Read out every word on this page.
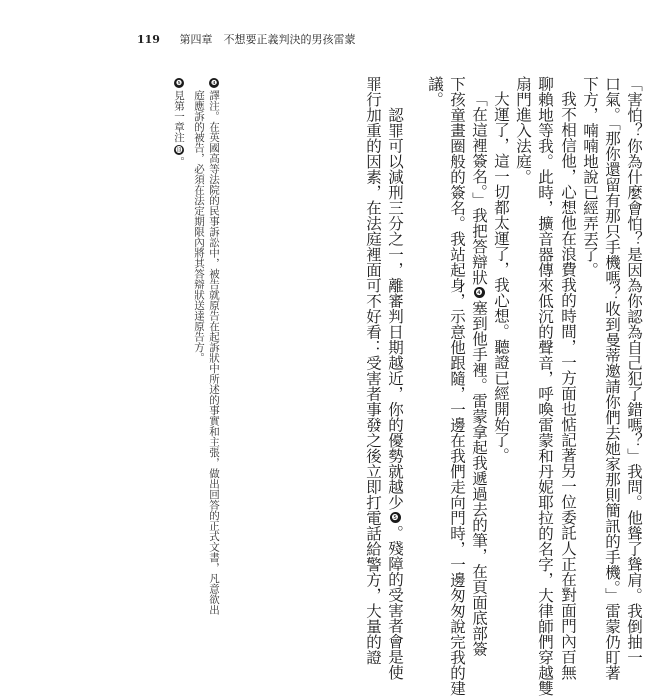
119 第四章　不想要正義判決的男孩雷蒙
「害怕？你為什麼會怕？是因為你認為自己犯了錯嗎？」我問。他聳了聳肩。我倒抽一
口氣。「那你還留有那只手機嗎？收到曼蒂邀請你們去她家那則簡訊的手機。」雷蒙仍盯著
下方，喃喃地說已經弄丟了。
我不相信他，心想他在浪費我的時間，一方面也惦記著另一位委託人正在對面門內百無
聊賴地等我。此時，擴音器傳來低沉的聲音，呼喚雷蒙和丹妮耶拉的名字，大律師們穿越雙
扇門進入法庭。
大運了，這一切都太運了，我心想。聽證已經開始了。
「在這裡簽名。」我把答辯狀❹塞到他手裡。雷蒙拿起我遞過去的筆，在頁面底部簽
下孩童畫圈般的簽名。我站起身，示意他跟隨，一邊在我們走向門時，一邊匆匆說完我的建
議。
認罪可以減刑三分之一，離審判日期越近，你的優勢就越少❺。殘障的受害者會是使
罪行加重的因素，在法庭裡面可不好看：受害者事發之後立即打電話給警方，大量的證
❹譯注。在英國高等法院的民事訴訟中，被告就原告在起訴狀中所述的事實和主張，做出回答的正式文書，凡意欲出
庭應訴的被告，必須在法定期限內將其答辯狀送達原告方。
❺見第一章注⓭。
